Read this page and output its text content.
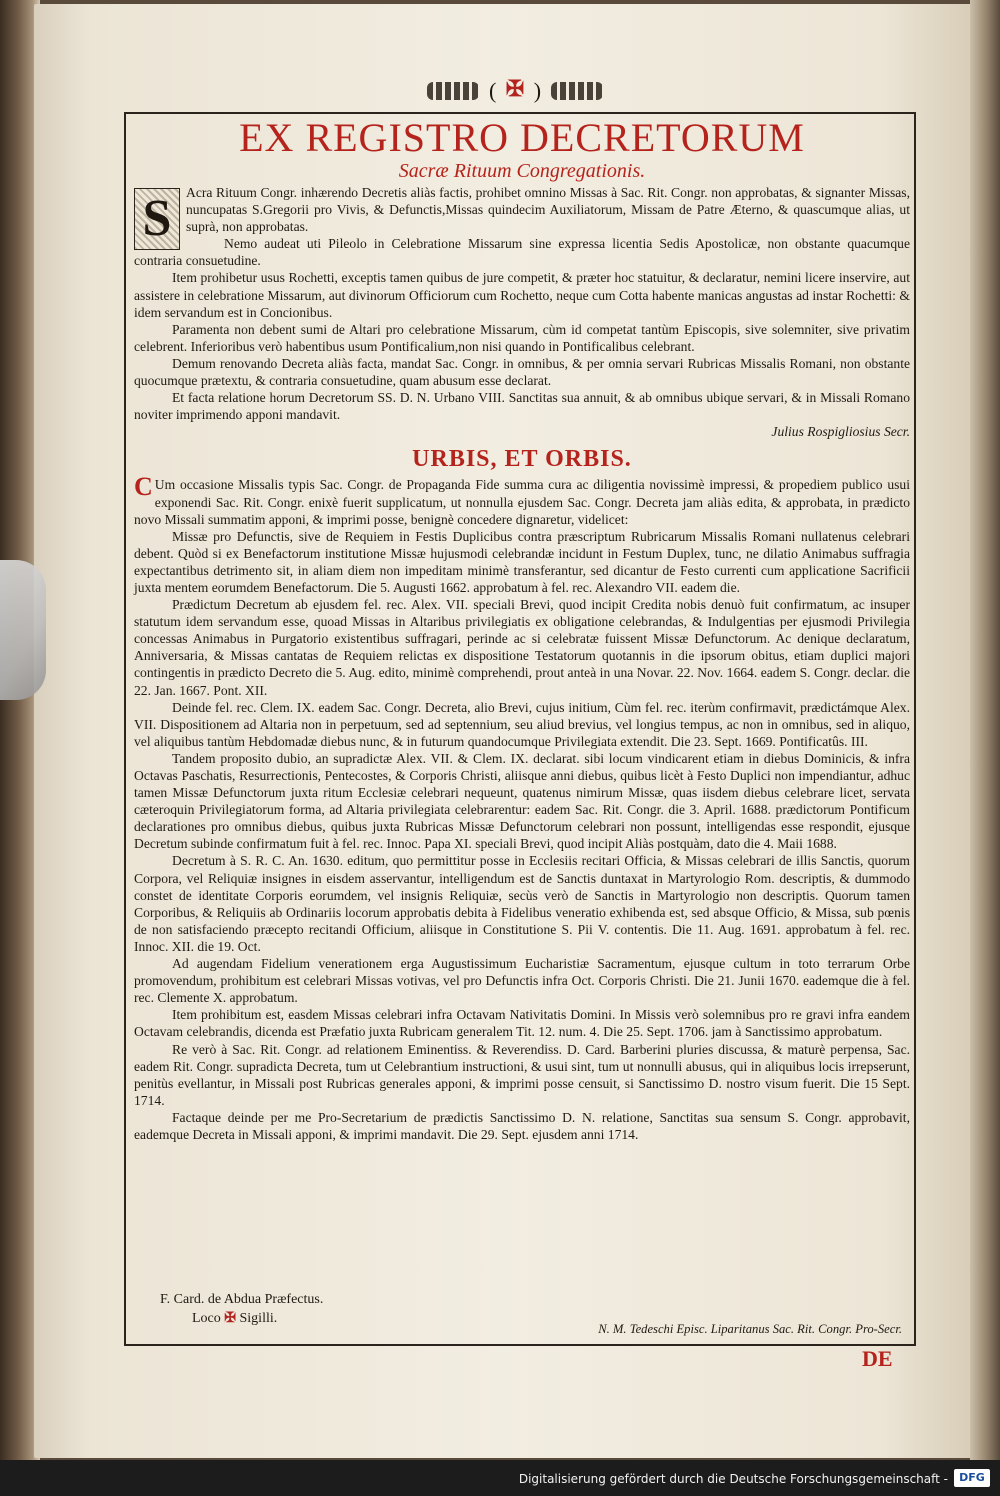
( ✠ )
EX REGISTRO DECRETORUM
Sacræ Rituum Congregationis.
S	Acra Rituum Congr. inhærendo Decretis aliàs factis, prohibet omnino Missas à Sac. Rit. Congr. non approbatas, & signanter Missas, nuncupatas S.Gregorii pro Vivis, & Defunctis,Missas quindecim Auxiliatorum, Missam de Patre Æterno, & quascumque alias, ut suprà, non approbatas.

Nemo audeat uti Pileolo in Celebratione Missarum sine expressa licentia Sedis Apostolicæ, non obstante quacumque contraria consuetudine.

Item prohibetur usus Rochetti, exceptis tamen quibus de jure competit, & præter hoc statuitur, & declaratur, nemini licere inservire, aut assistere in celebratione Missarum, aut divinorum Officiorum cum Rochetto, neque cum Cotta habente manicas angustas ad instar Rochetti: & idem servandum est in Concionibus.

Paramenta non debent sumi de Altari pro celebratione Missarum, cùm id competat tantùm Episcopis, sive solemniter, sive privatim celebrent. Inferioribus verò habentibus usum Pontificalium,non nisi quando in Pontificalibus celebrant.

Demum renovando Decreta aliàs facta, mandat Sac. Congr. in omnibus, & per omnia servari Rubricas Missalis Romani, non obstante quocumque prætextu, & contraria consuetudine, quam abusum esse declarat.

Et facta relatione horum Decretorum SS. D. N. Urbano VIII. Sanctitas sua annuit, & ab omnibus ubique servari, & in Missali Romano noviter imprimendo apponi mandavit.

Julius Rospigliosius Secr.
URBIS, ET ORBIS.

C Um occasione Missalis typis Sac. Congr. de Propaganda Fide summa cura ac diligentia novissimè impressi, & propediem publico usui exponendi Sac. Rit. Congr. enixè fuerit supplicatum, ut nonnulla ejusdem Sac. Congr. Decreta jam aliàs edita, & approbata, in prædicto novo Missali summatim apponi, & imprimi posse, benignè concedere dignaretur, videlicet:

Missæ pro Defunctis, sive de Requiem in Festis Duplicibus contra præscriptum Rubricarum Missalis Romani nullatenus celebrari debent. Quòd si ex Benefactorum institutione Missæ hujusmodi celebrandæ incidunt in Festum Duplex, tunc, ne dilatio Animabus suffragia expectantibus detrimento sit, in aliam diem non impeditam minimè transferantur, sed dicantur de Festo currenti cum applicatione Sacrificii juxta mentem eorumdem Benefactorum. Die 5. Augusti 1662. approbatum à fel. rec. Alexandro VII. eadem die.

Prædictum Decretum ab ejusdem fel. rec. Alex. VII. speciali Brevi, quod incipit Credita nobis denuò fuit confirmatum, ac insuper statutum idem servandum esse, quoad Missas in Altaribus privilegiatis ex obligatione celebrandas, & Indulgentias per ejusmodi Privilegia concessas Animabus in Purgatorio existentibus suffragari, perinde ac si celebratæ fuissent Missæ Defunctorum. Ac denique declaratum, Anniversaria, & Missas cantatas de Requiem relictas ex dispositione Testatorum quotannis in die ipsorum obitus, etiam duplici majori contingentis in prædicto Decreto die 5. Aug. edito, minimè comprehendi, prout anteà in una Novar. 22. Nov. 1664. eadem S. Congr. declar. die 22. Jan. 1667. Pont. XII.

Deinde fel. rec. Clem. IX. eadem Sac. Congr. Decreta, alio Brevi, cujus initium, Cùm fel. rec. iterùm confirmavit, prædictámque Alex. VII. Dispositionem ad Altaria non in perpetuum, sed ad septennium, seu aliud brevius, vel longius tempus, ac non in omnibus, sed in aliquo, vel aliquibus tantùm Hebdomadæ diebus nunc, & in futurum quandocumque Privilegiata extendit. Die 23. Sept. 1669. Pontificatûs. III.

Tandem proposito dubio, an supradictæ Alex. VII. & Clem. IX. declarat. sibi locum vindicarent etiam in diebus Dominicis, & infra Octavas Paschatis, Resurrectionis, Pentecostes, & Corporis Christi, aliisque anni diebus, quibus licèt à Festo Duplici non impendiantur, adhuc tamen Missæ Defunctorum juxta ritum Ecclesiæ celebrari nequeunt, quatenus nimirum Missæ, quas iisdem diebus celebrare licet, servata cæteroquin Privilegiatorum forma, ad Altaria privilegiata celebrarentur: eadem Sac. Rit. Congr. die 3. April. 1688. prædictorum Pontificum declarationes pro omnibus diebus, quibus juxta Rubricas Missæ Defunctorum celebrari non possunt, intelligendas esse respondit, ejusque Decretum subinde confirmatum fuit à fel. rec. Innoc. Papa XI. speciali Brevi, quod incipit Aliàs postquàm, dato die 4. Maii 1688.

Decretum à S. R. C. An. 1630. editum, quo permittitur posse in Ecclesiis recitari Officia, & Missas celebrari de illis Sanctis, quorum Corpora, vel Reliquiæ insignes in eisdem asservantur, intelligendum est de Sanctis duntaxat in Martyrologio Rom. descriptis, & dummodo constet de identitate Corporis eorumdem, vel insignis Reliquiæ, secùs verò de Sanctis in Martyrologio non descriptis. Quorum tamen Corporibus, & Reliquiis ab Ordinariis locorum approbatis debita à Fidelibus veneratio exhibenda est, sed absque Officio, & Missa, sub pœnis de non satisfaciendo præcepto recitandi Officium, aliisque in Constitutione S. Pii V. contentis. Die 11. Aug. 1691. approbatum à fel. rec. Innoc. XII. die 19. Oct.

Ad augendam Fidelium venerationem erga Augustissimum Eucharistiæ Sacramentum, ejusque cultum in toto terrarum Orbe promovendum, prohibitum est celebrari Missas votivas, vel pro Defunctis infra Oct. Corporis Christi. Die 21. Junii 1670. eademque die à fel. rec. Clemente X. approbatum.

Item prohibitum est, easdem Missas celebrari infra Octavam Nativitatis Domini. In Missis verò solemnibus pro re gravi infra eandem Octavam celebrandis, dicenda est Præfatio juxta Rubricam generalem Tit. 12. num. 4. Die 25. Sept. 1706. jam à Sanctissimo approbatum.

Re verò à Sac. Rit. Congr. ad relationem Eminentiss. & Reverendiss. D. Card. Barberini pluries discussa, & maturè perpensa, Sac. eadem Rit. Congr. supradicta Decreta, tum ut Celebrantium instructioni, & usui sint, tum ut nonnulli abusus, qui in aliquibus locis irrepserunt, penitùs evellantur, in Missali post Rubricas generales apponi, & imprimi posse censuit, si Sanctissimo D. nostro visum fuerit. Die 15 Sept. 1714.

Factaque deinde per me Pro-Secretarium de prædictis Sanctissimo D. N. relatione, Sanctitas sua sensum S. Congr. approbavit, eademque Decreta in Missali apponi, & imprimi mandavit. Die 29. Sept. ejusdem anni 1714.

F. Card. de Abdua Præfectus.
Loco ✠ Sigilli.
N. M. Tedeschi Episc. Liparitanus Sac. Rit. Congr. Pro-Secr.
DE
Digitalisierung gefördert durch die Deutsche Forschungsgemeinschaft -	DFG
